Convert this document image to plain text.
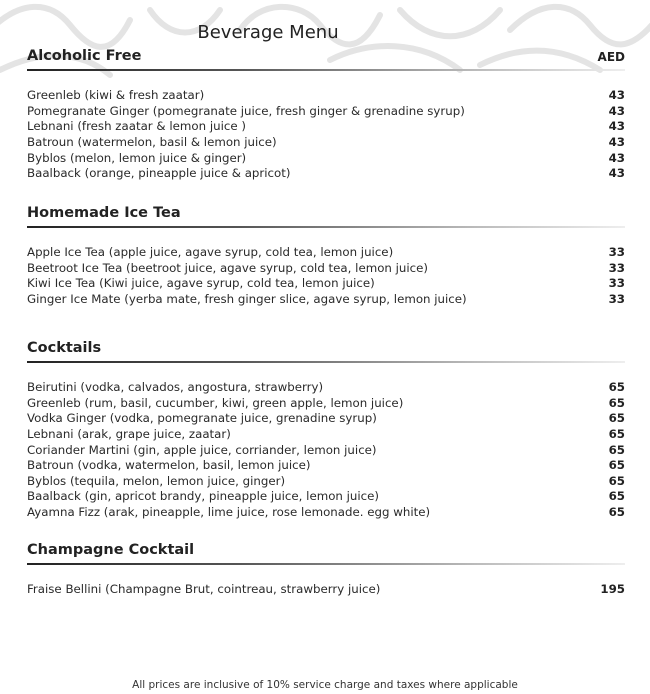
Beverage Menu
Alcoholic Free	AED
Greenleb (kiwi & fresh zaatar)	43
Pomegranate Ginger (pomegranate juice, fresh ginger & grenadine syrup)	43
Lebnani (fresh zaatar & lemon juice )	43
Batroun (watermelon, basil & lemon juice)	43
Byblos (melon, lemon juice & ginger)	43
Baalback (orange, pineapple juice & apricot)	43
Homemade Ice Tea
Apple Ice Tea (apple juice, agave syrup, cold tea, lemon juice)	33
Beetroot Ice Tea (beetroot juice, agave syrup, cold tea, lemon juice)	33
Kiwi Ice Tea (Kiwi juice, agave syrup, cold tea, lemon juice)	33
Ginger Ice Mate (yerba mate, fresh ginger slice, agave syrup, lemon juice)	33
Cocktails
Beirutini (vodka, calvados, angostura, strawberry)	65
Greenleb (rum, basil, cucumber, kiwi, green apple, lemon juice)	65
Vodka Ginger (vodka, pomegranate juice, grenadine syrup)	65
Lebnani (arak, grape juice, zaatar)	65
Coriander Martini (gin, apple juice, corriander, lemon juice)	65
Batroun (vodka, watermelon, basil, lemon juice)	65
Byblos (tequila, melon, lemon juice, ginger)	65
Baalback (gin, apricot brandy, pineapple juice, lemon juice)	65
Ayamna Fizz (arak, pineapple, lime juice, rose lemonade. egg white)	65
Champagne Cocktail
Fraise Bellini (Champagne Brut, cointreau, strawberry juice)	195
All prices are inclusive of 10% service charge and taxes where applicable
